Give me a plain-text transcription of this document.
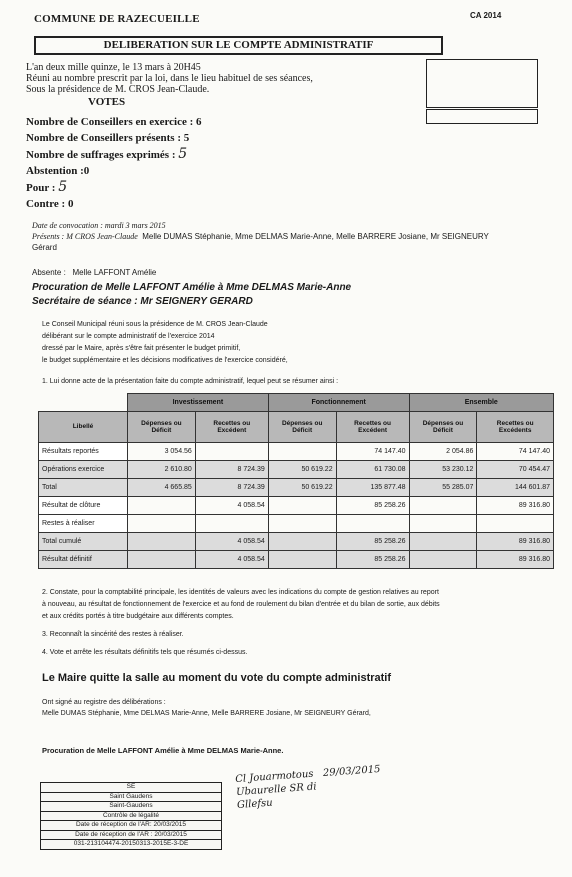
COMMUNE DE RAZECUEILLE	CA 2014
DELIBERATION SUR LE COMPTE ADMINISTRATIF
L'an deux mille quinze, le 13 mars à 20H45
Réuni au nombre prescrit par la loi, dans le lieu habituel de ses séances,
Sous la présidence de M. CROS Jean-Claude.
VOTES
Nombre de Conseillers en exercice : 6
Nombre de Conseillers présents : 5
Nombre de suffrages exprimés : 5
Abstention :0
Pour : 5
Contre : 0
Date de convocation : mardi 3 mars 2015
Présents : M CROS Jean-Claude Melle DUMAS Stéphanie, Mme DELMAS Marie-Anne, Melle BARRERE Josiane, Mr SEIGNEURY
Gérard
Absente : Melle LAFFONT Amélie
Procuration de Melle LAFFONT Amélie à Mme DELMAS Marie-Anne
Secrétaire de séance : Mr SEIGNERY GERARD
Le Conseil Municipal réuni sous la présidence de M. CROS Jean-Claude
délibérant sur le compte administratif de l'exercice 2014
dressé par le Maire, après s'être fait présenter le budget primitif,
le budget supplémentaire et les décisions modificatives de l'exercice considéré,
1. Lui donne acte de la présentation faite du compte administratif, lequel peut se résumer ainsi :
	Investissement		Fonctionnement		Ensemble	
Libellé	Dépenses ou Déficit	Recettes ou Excédent	Dépenses ou Déficit	Recettes ou Excédent	Dépenses ou Déficit	Recettes ou Excédents
Résultats reportés	3 054.56			74 147.40	2 054.86	74 147.40
Opérations exercice	2 610.80	8 724.39	50 619.22	61 730.08	53 230.12	70 454.47
Total	4 665.85	8 724.39	50 619.22	135 877.48	55 285.07	144 601.87
Résultat de clôture		4 058.54		85 258.26		89 316.80
Restes à réaliser						
Total cumulé		4 058.54		85 258.26		89 316.80
Résultat définitif		4 058.54		85 258.26		89 316.80

2. Constate, pour la comptabilité principale, les identités de valeurs avec les indications du compte de gestion relatives au report
à nouveau, au résultat de fonctionnement de l'exercice et au fond de roulement du bilan d'entrée et du bilan de sortie, aux débits
et aux crédits portés à titre budgétaire aux différents comptes.

3. Reconnaît la sincérité des restes à réaliser.

4. Vote et arrête les résultats définitifs tels que résumés ci-dessus.

Le Maire quitte la salle au moment du vote du compte administratif
Ont signé au registre des délibérations :
Melle DUMAS Stéphanie, Mme DELMAS Marie-Anne, Melle BARRERE Josiane, Mr SEIGNEURY Gérard,
Procuration de Melle LAFFONT Amélie à Mme DELMAS Marie-Anne.
SE
Saint Gaudens
Saint-Gaudens
Contrôle de légalité
Date de réception de l'AR: 20/03/2015
Date de réception de l'AR : 20/03/2015
031-213104474-20150313-2015E-3-DE
Cl Jouarmotous 29/03/2015
Ubaurelle SR di
Gllefsu
